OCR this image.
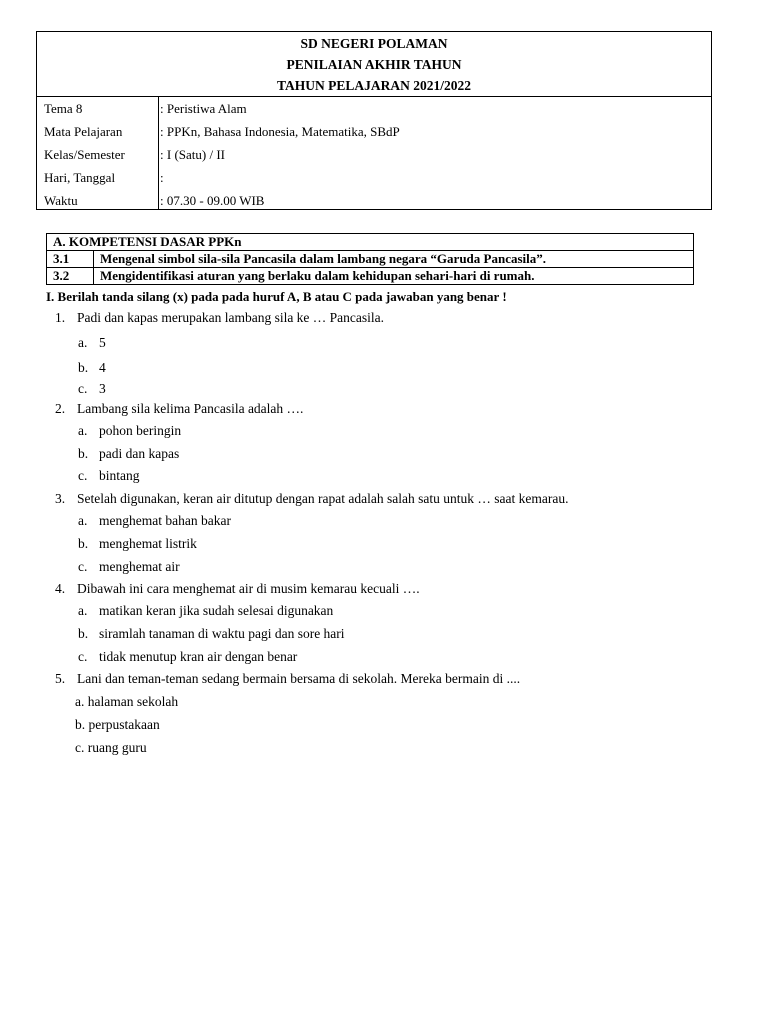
SD NEGERI POLAMAN
PENILAIAN AKHIR TAHUN
TAHUN PELAJARAN 2021/2022
Tema 8	: Peristiwa Alam
Mata Pelajaran	: PPKn, Bahasa Indonesia, Matematika, SBdP
Kelas/Semester	: I (Satu) / II
Hari, Tanggal	:
Waktu	: 07.30 - 09.00 WIB
A. KOMPETENSI DASAR PPKn	
3.1	Mengenal simbol sila-sila Pancasila dalam lambang negara “Garuda Pancasila”.
3.2	Mengidentifikasi aturan yang berlaku dalam kehidupan sehari-hari di rumah.
I. Berilah tanda silang (x) pada pada huruf A, B atau C pada jawaban yang benar !
1. Padi dan kapas merupakan lambang sila ke … Pancasila.
a. 5
b. 4
c. 3
2. Lambang sila kelima Pancasila adalah ….
a. pohon beringin
b. padi dan kapas
c. bintang
3. Setelah digunakan, keran air ditutup dengan rapat adalah salah satu untuk … saat kemarau.
a. menghemat bahan bakar
b. menghemat listrik
c. menghemat air
4. Dibawah ini cara menghemat air di musim kemarau kecuali ….
a. matikan keran jika sudah selesai digunakan
b. siramlah tanaman di waktu pagi dan sore hari
c. tidak menutup kran air dengan benar
5. Lani dan teman-teman sedang bermain bersama di sekolah. Mereka bermain di ....
a. halaman sekolah
b. perpustakaan
c. ruang guru
